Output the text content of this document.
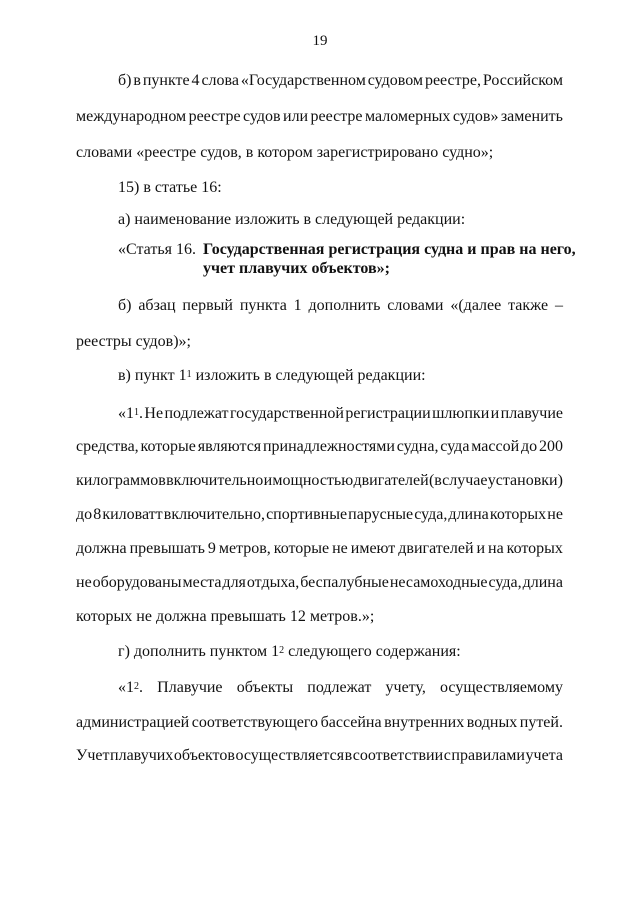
19
б) в пункте 4 слова «Государственном судовом реестре, Российском
международном реестре судов или реестре маломерных судов» заменить
словами «реестре судов, в котором зарегистрировано судно»;
15) в статье 16:
а) наименование изложить в следующей редакции:
«Статья 16. Государственная регистрация судна и прав на него,
учет плавучих объектов»;
б) абзац первый пункта 1 дополнить словами «(далее также –
реестры судов)»;
в) пункт $1^1$ изложить в следующей редакции:
«$1^1$. Не подлежат государственной регистрации шлюпки и плавучие
средства, которые являются принадлежностями судна, суда массой до 200
килограммов включительно и мощностью двигателей (в случае установки)
до 8 киловатт включительно, спортивные парусные суда, длина которых не
должна превышать 9 метров, которые не имеют двигателей и на которых
не оборудованы места для отдыха, беспалубные несамоходные суда, длина
которых не должна превышать 12 метров.»;
г) дополнить пунктом $1^2$ следующего содержания:
«$1^2$. Плавучие объекты подлежат учету, осуществляемому
администрацией соответствующего бассейна внутренних водных путей.
Учет плавучих объектов осуществляется в соответствии с правилами учета
